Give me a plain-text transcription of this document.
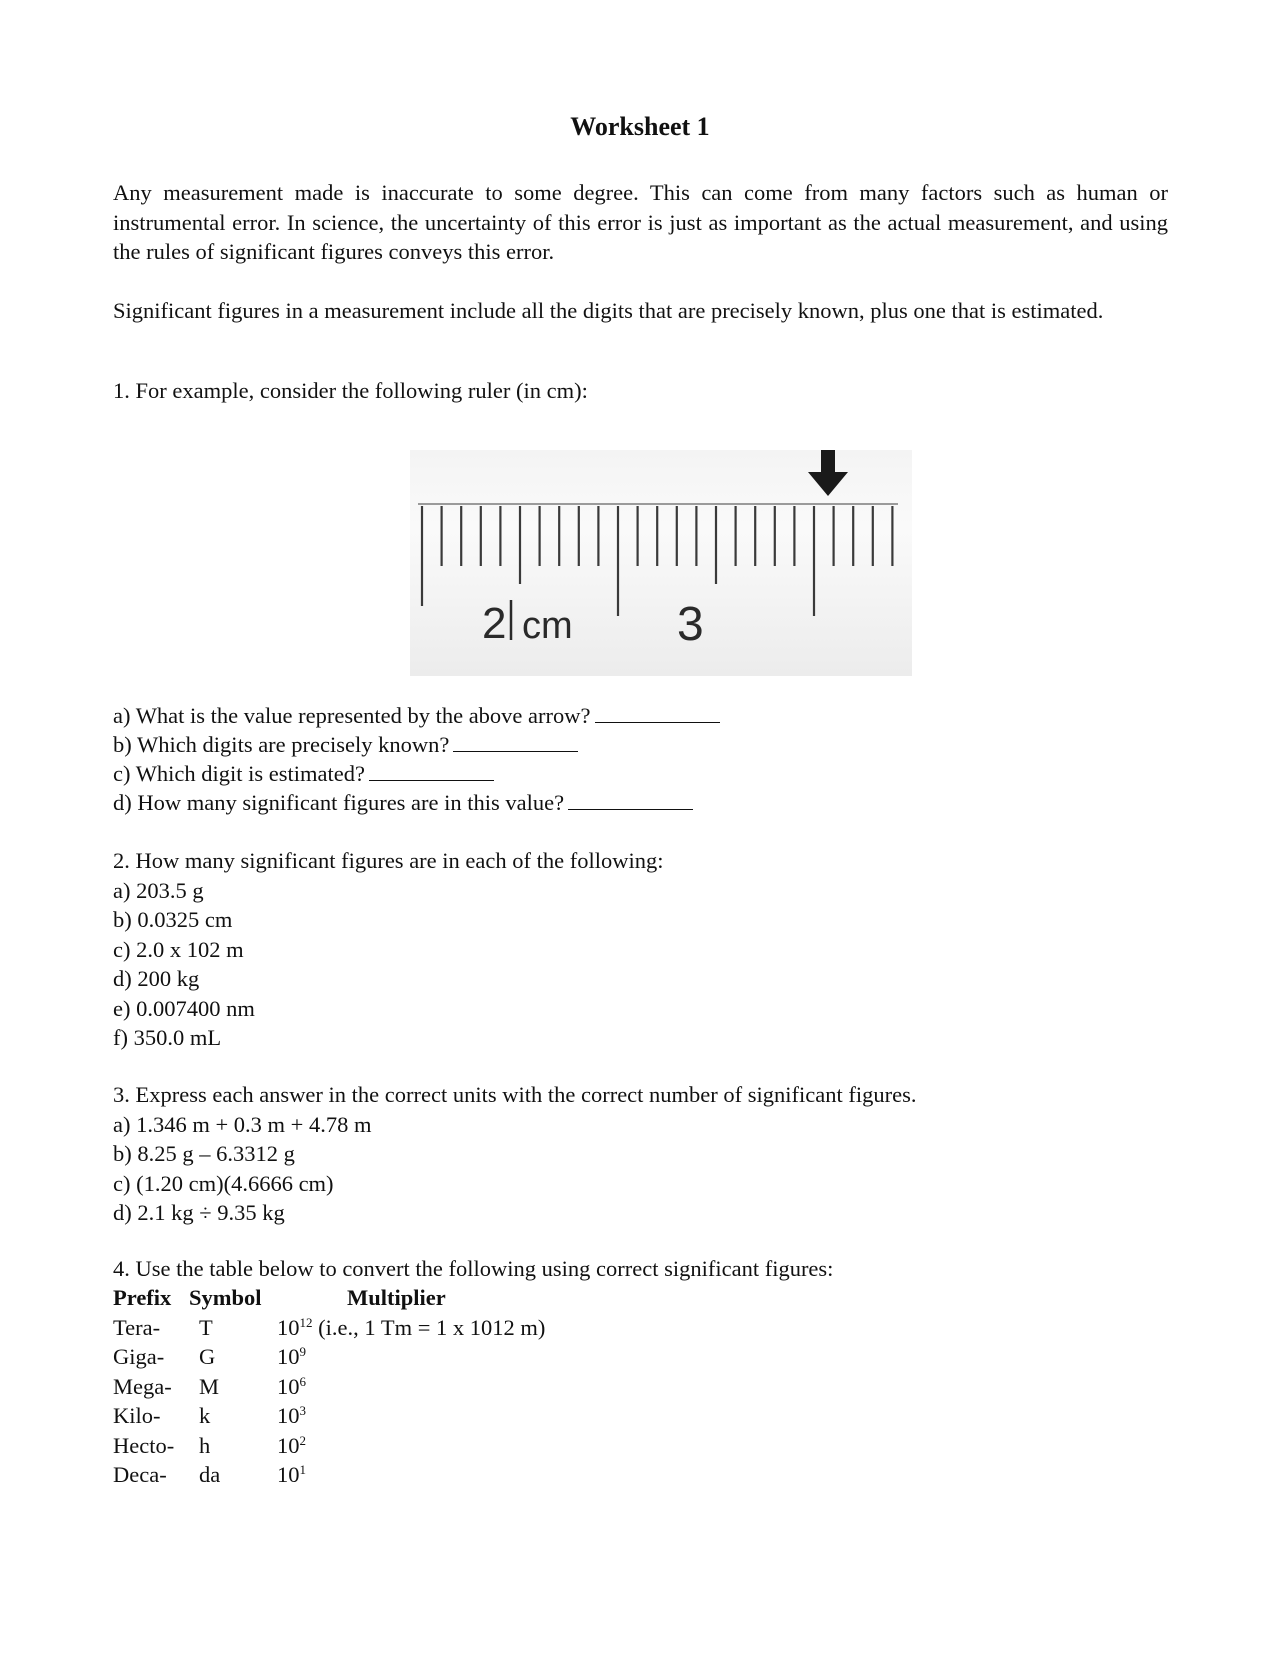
Worksheet 1
Any measurement made is inaccurate to some degree. This can come from many factors such as human or instrumental error. In science, the uncertainty of this error is just as important as the actual measurement, and using the rules of significant figures conveys this error.
Significant figures in a measurement include all the digits that are precisely known, plus one that is estimated.
1. For example, consider the following ruler (in cm):
2 cm 3
a) What is the value represented by the above arrow?
b) Which digits are precisely known?
c) Which digit is estimated?
d) How many significant figures are in this value?
2. How many significant figures are in each of the following:
a) 203.5 g
b) 0.0325 cm
c) 2.0 x 102 m
d) 200 kg
e) 0.007400 nm
f) 350.0 mL
3. Express each answer in the correct units with the correct number of significant figures.
a) 1.346 m + 0.3 m + 4.78 m
b) 8.25 g – 6.3312 g
c) (1.20 cm)(4.6666 cm)
d) 2.1 kg ÷ 9.35 kg
4. Use the table below to convert the following using correct significant figures:
Prefix	Symbol	Multiplier
Tera-	T	$10^{12}$ (i.e., 1 Tm = 1 x 1012 m)
Giga-	G	$10^9$
Mega-	M	$10^6$
Kilo-	k	$10^3$
Hecto-	h	$10^2$
Deca-	da	$10^1$
